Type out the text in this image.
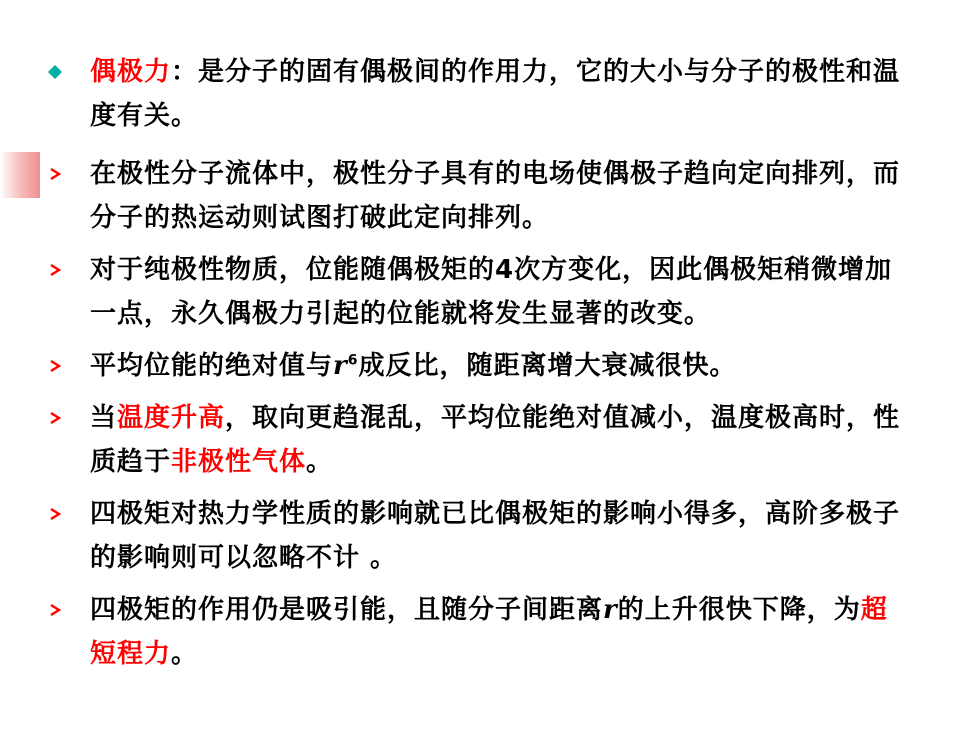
偶极力：是分子的固有偶极间的作用力，它的大小与分子的极性和温度有关。
在极性分子流体中，极性分子具有的电场使偶极子趋向定向排列，而分子的热运动则试图打破此定向排列。
对于纯极性物质，位能随偶极矩的4次方变化，因此偶极矩稍微增加一点，永久偶极力引起的位能就将发生显著的改变。
平均位能的绝对值与$r^6$成反比，随距离增大衰减很快。
当温度升高，取向更趋混乱，平均位能绝对值减小，温度极高时，性质趋于非极性气体。
四极矩对热力学性质的影响就已比偶极矩的影响小得多，高阶多极子的影响则可以忽略不计 。
四极矩的作用仍是吸引能，且随分子间距离r的上升很快下降，为超短程力。
